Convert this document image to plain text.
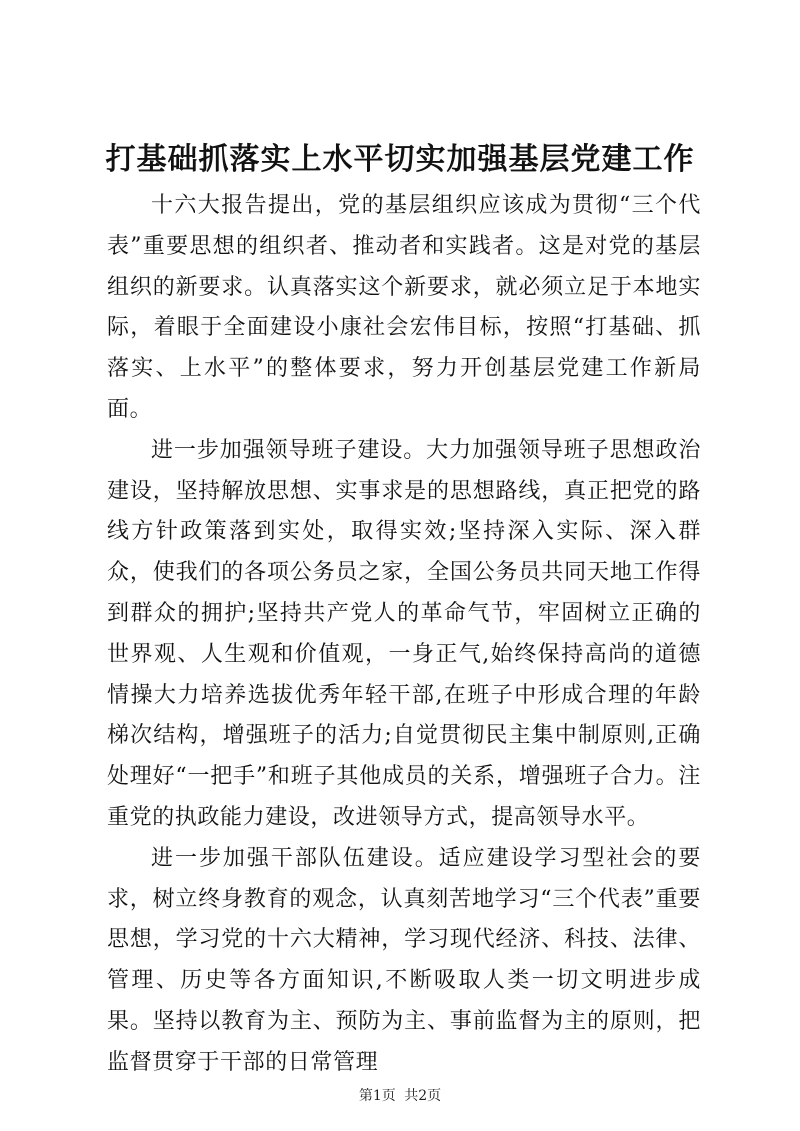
打基础抓落实上水平切实加强基层党建工作

十六大报告提出，党的基层组织应该成为贯彻“三个代表”重要思想的组织者、推动者和实践者。这是对党的基层组织的新要求。认真落实这个新要求，就必须立足于本地实际，着眼于全面建设小康社会宏伟目标，按照“打基础、抓落实、上水平”的整体要求，努力开创基层党建工作新局面。

进一步加强领导班子建设。大力加强领导班子思想政治建设，坚持解放思想、实事求是的思想路线，真正把党的路线方针政策落到实处，取得实效;坚持深入实际、深入群众，使我们的各项公务员之家，全国公务员共同天地工作得到群众的拥护;坚持共产党人的革命气节，牢固树立正确的世界观、人生观和价值观，一身正气,始终保持高尚的道德情操大力培养选拔优秀年轻干部,在班子中形成合理的年龄梯次结构，增强班子的活力;自觉贯彻民主集中制原则,正确处理好“一把手”和班子其他成员的关系，增强班子合力。注重党的执政能力建设，改进领导方式，提高领导水平。

进一步加强干部队伍建设。适应建设学习型社会的要求，树立终身教育的观念，认真刻苦地学习“三个代表”重要思想，学习党的十六大精神，学习现代经济、科技、法律、管理、历史等各方面知识,不断吸取人类一切文明进步成果。坚持以教育为主、预防为主、事前监督为主的原则，把监督贯穿于干部的日常管理

第1页 共2页
